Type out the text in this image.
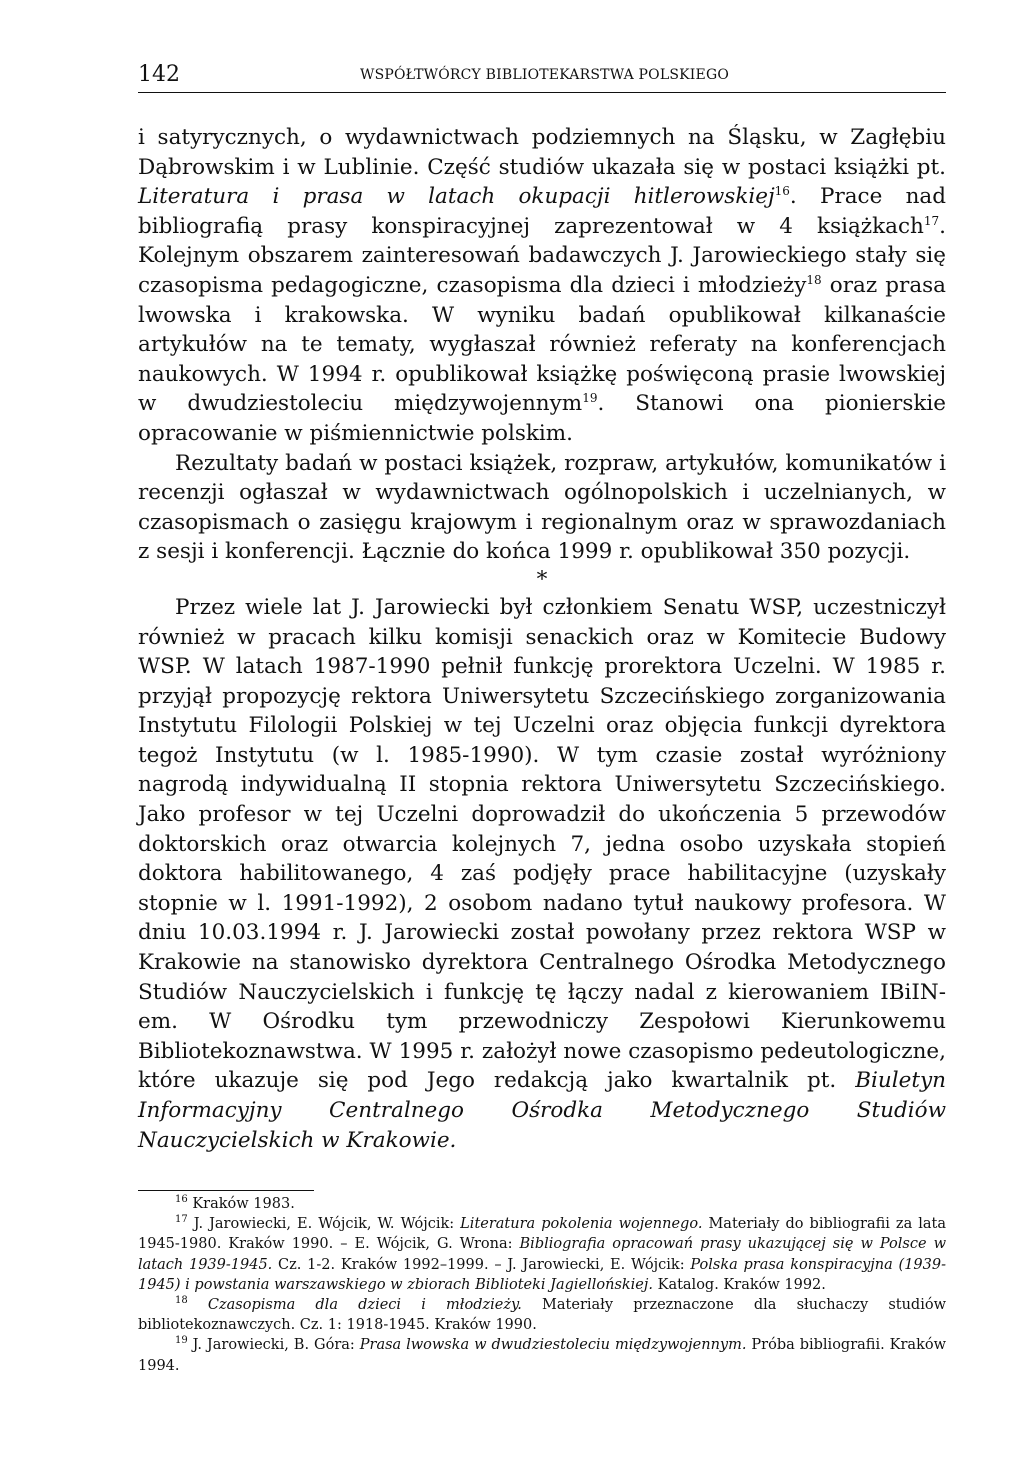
142	WSPÓŁTWÓRCY BIBLIOTEKARSTWA POLSKIEGO

i satyrycznych, o wydawnictwach podziemnych na Śląsku, w Zagłębiu Dąbrowskim i w Lublinie. Część studiów ukazała się w postaci książki pt. Literatura i prasa w latach okupacji hitlerowskiej$^{16}$. Prace nad bibliografią prasy konspiracyjnej zaprezentował w 4 książkach$^{17}$. Kolejnym obszarem zainteresowań badawczych J. Jarowieckiego stały się czasopisma pedagogiczne, czasopisma dla dzieci i młodzieży$^{18}$ oraz prasa lwowska i krakowska. W wyniku badań opublikował kilkanaście artykułów na te tematy, wygłaszał również referaty na konferencjach naukowych. W 1994 r. opublikował książkę poświęconą prasie lwowskiej w dwudziestoleciu międzywojennym$^{19}$. Stanowi ona pionierskie opracowanie w piśmiennictwie polskim.

Rezultaty badań w postaci książek, rozpraw, artykułów, komunikatów i recenzji ogłaszał w wydawnictwach ogólnopolskich i uczelnianych, w czasopismach o zasięgu krajowym i regionalnym oraz w sprawozdaniach z sesji i konferencji. Łącznie do końca 1999 r. opublikował 350 pozycji.

*

Przez wiele lat J. Jarowiecki był członkiem Senatu WSP, uczestniczył również w pracach kilku komisji senackich oraz w Komitecie Budowy WSP. W latach 1987-1990 pełnił funkcję prorektora Uczelni. W 1985 r. przyjął propozycję rektora Uniwersytetu Szczecińskiego zorganizowania Instytutu Filologii Polskiej w tej Uczelni oraz objęcia funkcji dyrektora tegoż Instytutu (w l. 1985-1990). W tym czasie został wyróżniony nagrodą indywidualną II stopnia rektora Uniwersytetu Szczecińskiego. Jako profesor w tej Uczelni doprowadził do ukończenia 5 przewodów doktorskich oraz otwarcia kolejnych 7, jedna osobo uzyskała stopień doktora habilitowanego, 4 zaś podjęły prace habilitacyjne (uzyskały stopnie w l. 1991-1992), 2 osobom nadano tytuł naukowy profesora. W dniu 10.03.1994 r. J. Jarowiecki został powołany przez rektora WSP w Krakowie na stanowisko dyrektora Centralnego Ośrodka Metodycznego Studiów Nauczycielskich i funkcję tę łączy nadal z kierowaniem IBiIN-em. W Ośrodku tym przewodniczy Zespołowi Kierunkowemu Bibliotekoznawstwa. W 1995 r. założył nowe czasopismo pedeutologiczne, które ukazuje się pod Jego redakcją jako kwartalnik pt. Biuletyn Informacyjny Centralnego Ośrodka Metodycznego Studiów Nauczycielskich w Krakowie.

$^{16}$ Kraków 1983.

$^{17}$ J. Jarowiecki, E. Wójcik, W. Wójcik: Literatura pokolenia wojennego. Materiały do bibliografii za lata 1945-1980. Kraków 1990. – E. Wójcik, G. Wrona: Bibliografia opracowań prasy ukazującej się w Polsce w latach 1939-1945. Cz. 1-2. Kraków 1992–1999. – J. Jarowiecki, E. Wójcik: Polska prasa konspiracyjna (1939-1945) i powstania warszawskiego w zbiorach Biblioteki Jagiellońskiej. Katalog. Kraków 1992.

$^{18}$ Czasopisma dla dzieci i młodzieży. Materiały przeznaczone dla słuchaczy studiów bibliotekoznawczych. Cz. 1: 1918-1945. Kraków 1990.

$^{19}$ J. Jarowiecki, B. Góra: Prasa lwowska w dwudziestoleciu międzywojennym. Próba bibliografii. Kraków 1994.
